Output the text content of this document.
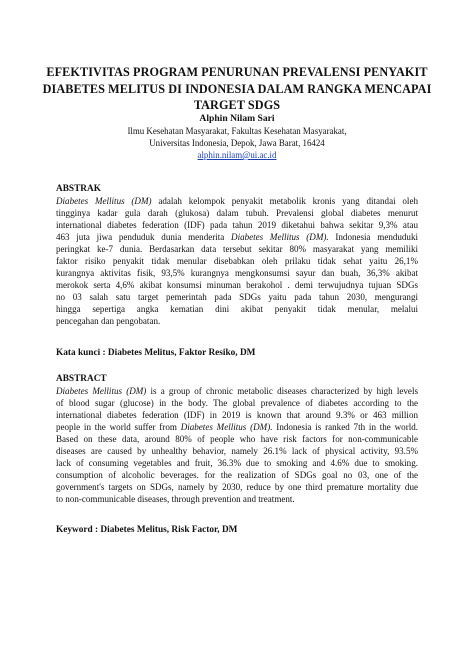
EFEKTIVITAS PROGRAM PENURUNAN PREVALENSI PENYAKIT
DIABETES MELITUS DI INDONESIA DALAM RANGKA MENCAPAI
TARGET SDGS
Alphin Nilam Sari
Ilmu Kesehatan Masyarakat, Fakultas Kesehatan Masyarakat,
Universitas Indonesia, Depok, Jawa Barat, 16424
alphin.nilam@ui.ac.id
ABSTRAK
Diabetes Mellitus (DM) adalah kelompok penyakit metabolik kronis yang ditandai oleh
tingginya kadar gula darah (glukosa) dalam tubuh. Prevalensi global diabetes menurut
international diabetes federation (IDF) pada tahun 2019 diketahui bahwa sekitar 9,3% atau
463 juta jiwa penduduk dunia menderita Diabetes Mellitus (DM). Indonesia menduduki
peringkat ke-7 dunia. Berdasarkan data tersebut sekitar 80% masyarakat yang memiliki
faktor risiko penyakit tidak menular disebabkan oleh prilaku tidak sehat yaitu 26,1%
kurangnya aktivitas fisik, 93,5% kurangnya mengkonsumsi sayur dan buah, 36,3% akibat
merokok serta 4,6% akibat konsumsi minuman berakohol . demi terwujudnya tujuan SDGs
no 03 salah satu target pemerintah pada SDGs yaitu pada tahun 2030, mengurangi
hingga sepertiga angka kematian dini akibat penyakit tidak menular, melalui
pencegahan dan pengobatan.
Kata kunci : Diabetes Melitus, Faktor Resiko, DM
ABSTRACT
Diabetes Mellitus (DM) is a group of chronic metabolic diseases characterized by high levels
of blood sugar (glucose) in the body. The global prevalence of diabetes according to the
international diabetes federation (IDF) in 2019 is known that around 9.3% or 463 million
people in the world suffer from Diabetes Mellitus (DM). Indonesia is ranked 7th in the world.
Based on these data, around 80% of people who have risk factors for non-communicable
diseases are caused by unhealthy behavior, namely 26.1% lack of physical activity, 93.5%
lack of consuming vegetables and fruit, 36.3% due to smoking and 4.6% due to smoking.
consumption of alcoholic beverages. for the realization of SDGs goal no 03, one of the
government's targets on SDGs, namely by 2030, reduce by one third premature mortality due
to non-communicable diseases, through prevention and treatment.
Keyword : Diabetes Melitus, Risk Factor, DM
